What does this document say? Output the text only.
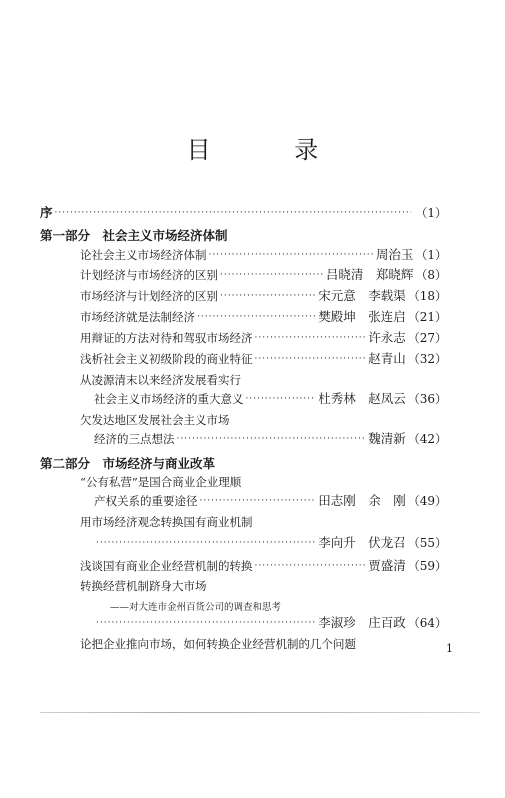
目 录
序 ·····	（1）
第一部分　社会主义市场经济体制
论社会主义市场经济体制 ·····	周治玉 （1）
计划经济与市场经济的区别 ·····	吕晓清　郑晓辉 （8）
市场经济与计划经济的区别 ·····	宋元意　李载渠 （18）
市场经济就是法制经济 ·····	樊殿坤　张连启 （21）
用辩证的方法对待和驾驭市场经济 ·····	许永志 （27）
浅析社会主义初级阶段的商业特征 ·····	赵青山 （32）
从凌源清末以来经济发展看实行
社会主义市场经济的重大意义 ·····	杜秀林　赵凤云 （36）
欠发达地区发展社会主义市场
经济的三点想法 ·····	魏清新 （42）
第二部分　市场经济与商业改革
“公有私营”是国合商业企业理顺
产权关系的重要途径 ·····	田志刚　余　刚 （49）
用市场经济观念转换国有商业机制
·····
李向升　伏龙召 （55）
浅谈国有商业企业经营机制的转换 ·····	贾盛清 （59）
转换经营机制跻身大市场
——对大连市金州百货公司的调查和思考
·····
李淑珍　庄百政 （64）
论把企业推向市场，如何转换企业经营机制的几个问题	1
